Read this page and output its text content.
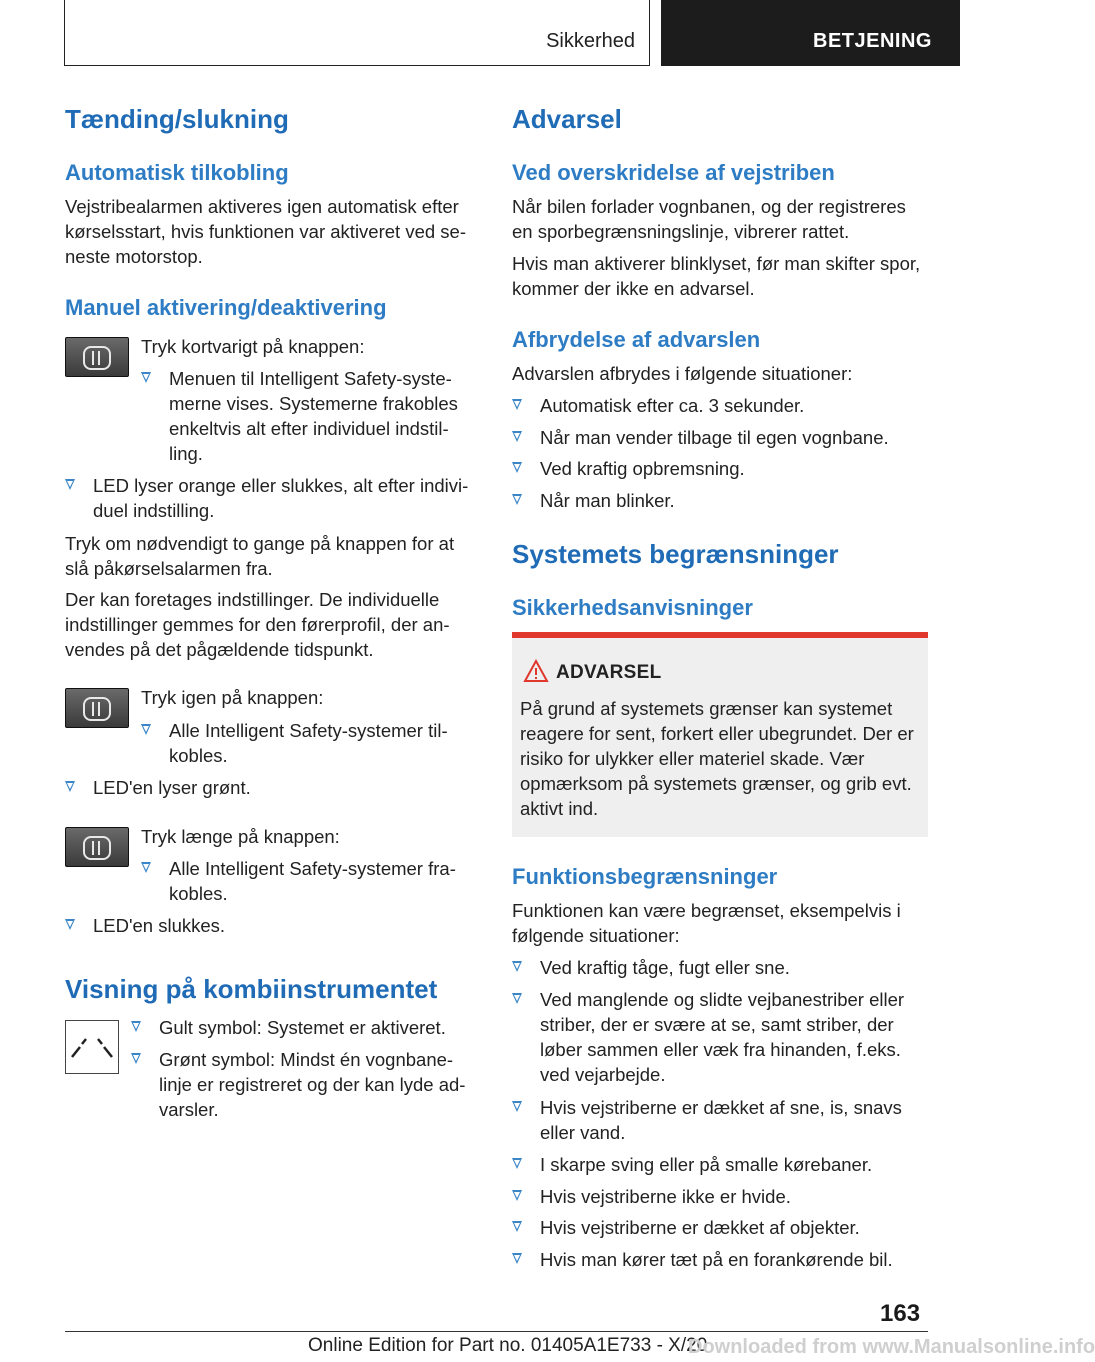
Sikkerhed	BETJENING
Tænding/slukning
Automatisk tilkobling
Vejstribealarmen aktiveres igen automatisk efter kørselsstart, hvis funktionen var aktiveret ved se-neste motorstop.
Manuel aktivering/deaktivering
Tryk kortvarigt på knappen:
Menuen til Intelligent Safety-syste-merne vises. Systemerne frakobles enkeltvis alt efter individuel indstil-ling.
LED lyser orange eller slukkes, alt efter indivi-duel indstilling.
Tryk om nødvendigt to gange på knappen for at slå påkørselsalarmen fra.
Der kan foretages indstillinger. De individuelle indstillinger gemmes for den førerprofil, der an-vendes på det pågældende tidspunkt.
Tryk igen på knappen:
Alle Intelligent Safety-systemer til-kobles.
LED'en lyser grønt.
Tryk længe på knappen:
Alle Intelligent Safety-systemer fra-kobles.
LED'en slukkes.
Visning på kombiinstrumentet
Gult symbol: Systemet er aktiveret.
Grønt symbol: Mindst én vognbane-linje er registreret og der kan lyde ad-varsler.
Advarsel
Ved overskridelse af vejstriben
Når bilen forlader vognbanen, og der registreres en sporbegrænsningslinje, vibrerer rattet.
Hvis man aktiverer blinklyset, før man skifter spor, kommer der ikke en advarsel.
Afbrydelse af advarslen
Advarslen afbrydes i følgende situationer:
Automatisk efter ca. 3 sekunder.
Når man vender tilbage til egen vognbane.
Ved kraftig opbremsning.
Når man blinker.
Systemets begrænsninger
Sikkerhedsanvisninger
ADVARSEL
På grund af systemets grænser kan systemet reagere for sent, forkert eller ubegrundet. Der er risiko for ulykker eller materiel skade. Vær opmærksom på systemets grænser, og grib evt. aktivt ind.
Funktionsbegrænsninger
Funktionen kan være begrænset, eksempelvis i følgende situationer:
Ved kraftig tåge, fugt eller sne.
Ved manglende og slidte vejbanestriber eller striber, der er svære at se, samt striber, der løber sammen eller væk fra hinanden, f.eks. ved vejarbejde.
Hvis vejstriberne er dækket af sne, is, snavs eller vand.
I skarpe sving eller på smalle kørebaner.
Hvis vejstriberne ikke er hvide.
Hvis vejstriberne er dækket af objekter.
Hvis man kører tæt på en forankørende bil.
163
Online Edition for Part no. 01405A1E733 - X/20
Downloaded from www.Manualsonline.info
